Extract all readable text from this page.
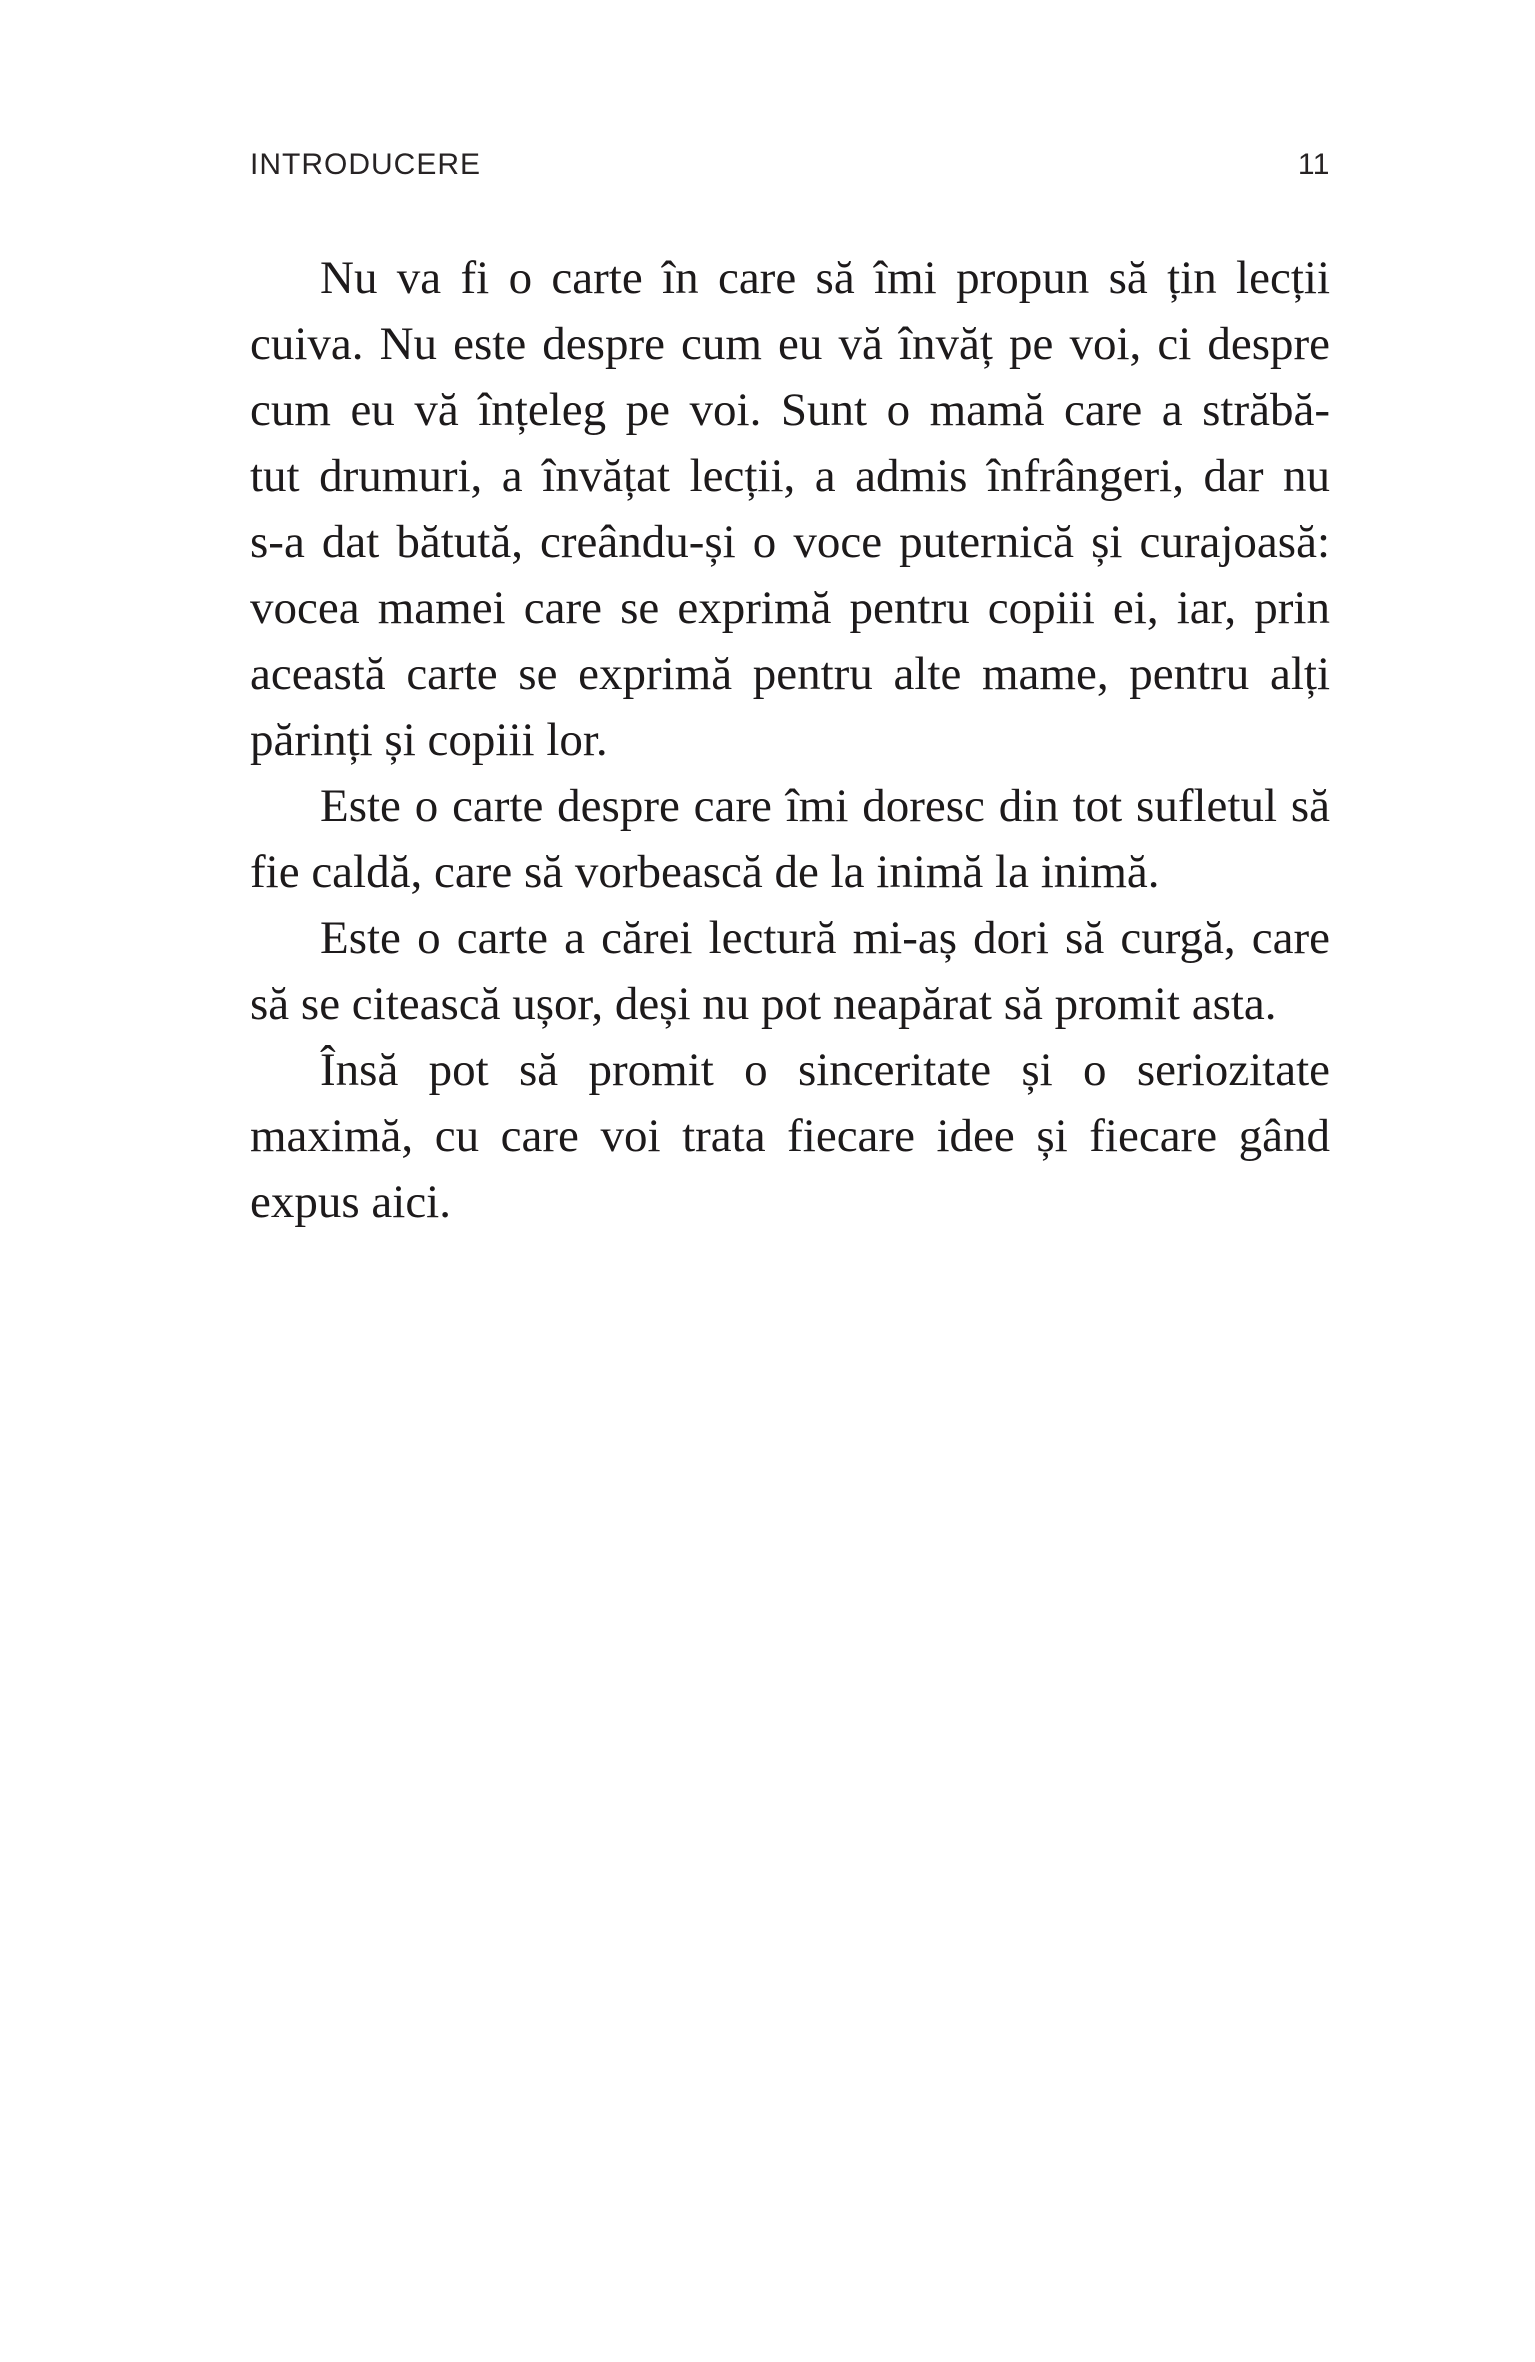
INTRODUCERE	11
Nu va fi o carte în care să îmi propun să țin lecții
cuiva. Nu este despre cum eu vă învăț pe voi, ci despre
cum eu vă înțeleg pe voi. Sunt o mamă care a străbă-
tut drumuri, a învățat lecții, a admis înfrângeri, dar nu
s-a dat bătută, creându-și o voce puternică și curajoasă:
vocea mamei care se exprimă pentru copiii ei, iar, prin
această carte se exprimă pentru alte mame, pentru alți
părinți și copiii lor.
Este o carte despre care îmi doresc din tot sufletul să
fie caldă, care să vorbească de la inimă la inimă.
Este o carte a cărei lectură mi-aș dori să curgă, care
să se citească ușor, deși nu pot neapărat să promit asta.
Însă pot să promit o sinceritate și o seriozitate
maximă, cu care voi trata fiecare idee și fiecare gând
expus aici.
